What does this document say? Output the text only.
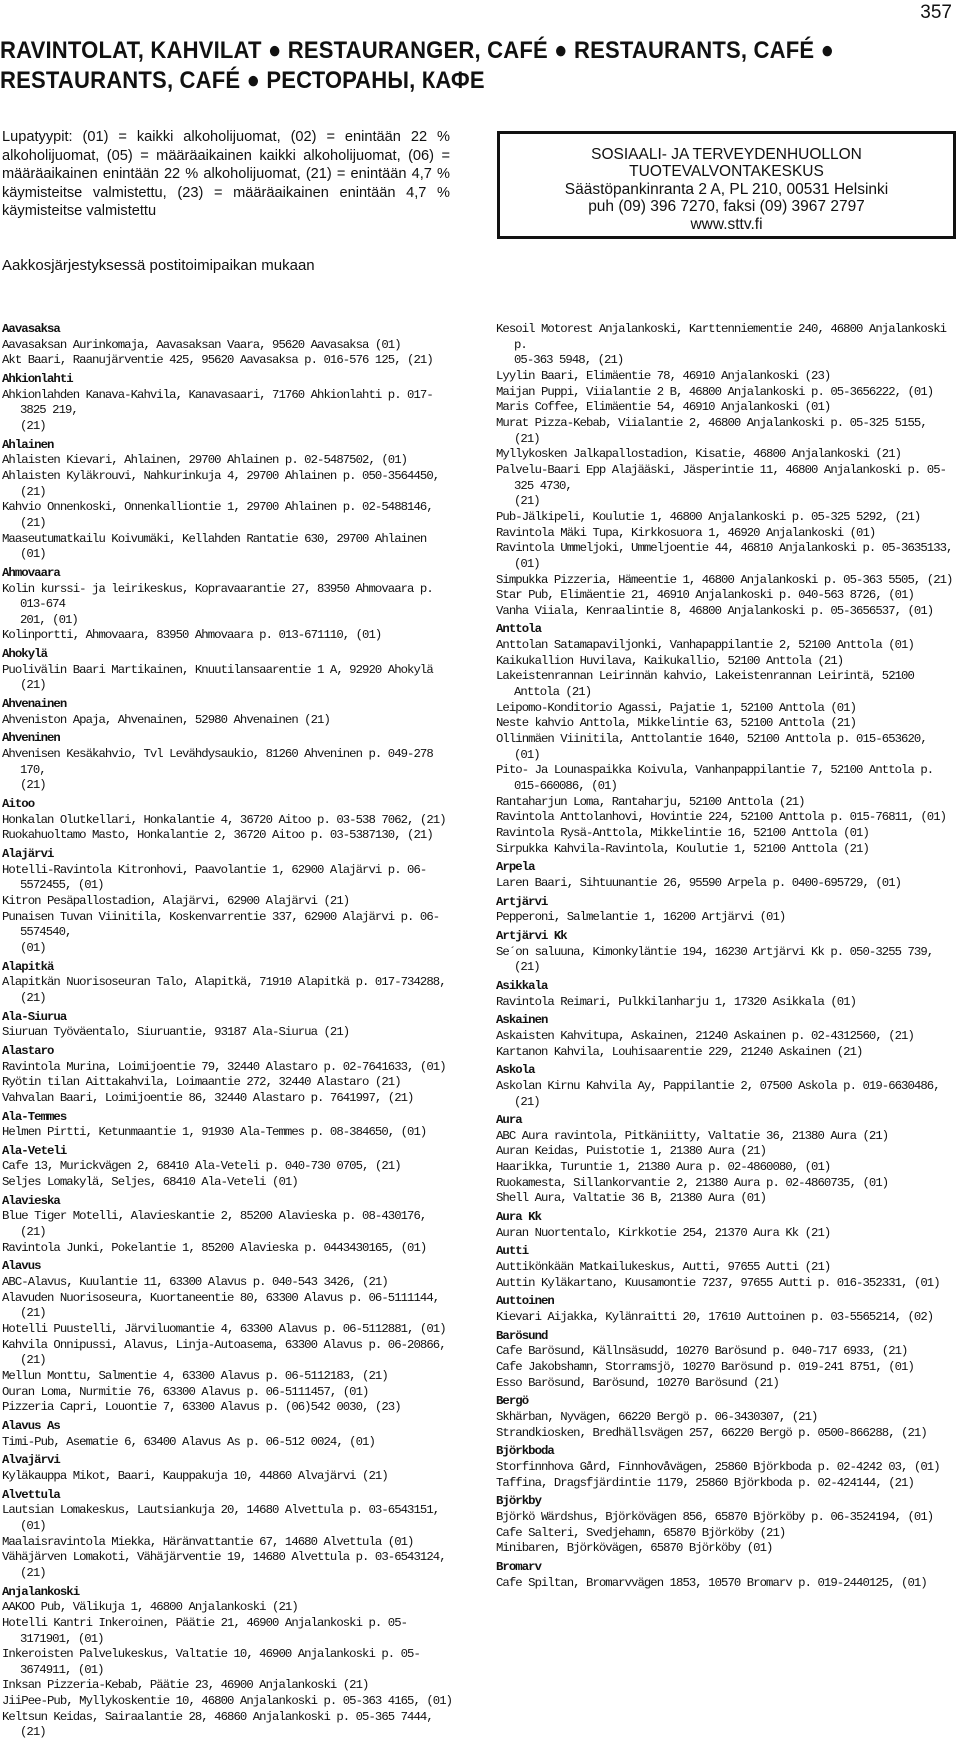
357
RAVINTOLAT, KAHVILAT ● RESTAURANGER, CAFÉ ● RESTAURANTS, CAFÉ ●
RESTAURANTS, CAFÉ ● РЕСТОРАНЫ, КАФЕ
Lupatyypit: (01) = kaikki alkoholijuomat, (02) = enintään 22 % alkoholijuomat, (05) = määräaikainen kaikki alkoholijuomat, (06) = määräaikainen enintään 22 % alkoholijuomat, (21) = enintään 4,7 % käymisteitse valmistettu, (23) = määräaikainen enintään 4,7 % käymisteitse valmistettu
SOSIAALI- JA TERVEYDENHUOLLON
TUOTEVALVONTAKESKUS
Säästöpankinranta 2 A, PL 210, 00531 Helsinki
puh (09) 396 7270, faksi (09) 3967 2797
www.sttv.fi
Aakkosjärjestyksessä postitoimipaikan mukaan
Aavasaksa
Aavasaksan Aurinkomaja, Aavasaksan Vaara, 95620 Aavasaksa (01)
Akt Baari, Raanujärventie 425, 95620 Aavasaksa p. 016-576 125, (21)
Ahkionlahti
Ahkionlahden Kanava-Kahvila, Kanavasaari, 71760 Ahkionlahti p. 017-3825 219,
(21)
Ahlainen
Ahlaisten Kievari, Ahlainen, 29700 Ahlainen p. 02-5487502, (01)
Ahlaisten Kyläkrouvi, Nahkurinkuja 4, 29700 Ahlainen p. 050-3564450, (21)
Kahvio Onnenkoski, Onnenkalliontie 1, 29700 Ahlainen p. 02-5488146, (21)
Maaseutumatkailu Koivumäki, Kellahden Rantatie 630, 29700 Ahlainen (01)
Ahmovaara
Kolin kurssi- ja leirikeskus, Kopravaarantie 27, 83950 Ahmovaara p. 013-674
201, (01)
Kolinportti, Ahmovaara, 83950 Ahmovaara p. 013-671110, (01)
Ahokylä
Puolivälin Baari Martikainen, Knuutilansaarentie 1 A, 92920 Ahokylä (21)
Ahvenainen
Ahveniston Apaja, Ahvenainen, 52980 Ahvenainen (21)
Ahveninen
Ahvenisen Kesäkahvio, Tvl Levähdysaukio, 81260 Ahveninen p. 049-278 170,
(21)
Aitoo
Honkalan Olutkellari, Honkalantie 4, 36720 Aitoo p. 03-538 7062, (21)
Ruokahuoltamo Masto, Honkalantie 2, 36720 Aitoo p. 03-5387130, (21)
Alajärvi
Hotelli-Ravintola Kitronhovi, Paavolantie 1, 62900 Alajärvi p. 06-5572455, (01)
Kitron Pesäpallostadion, Alajärvi, 62900 Alajärvi (21)
Punaisen Tuvan Viinitila, Koskenvarrentie 337, 62900 Alajärvi p. 06-5574540,
(01)
Alapitkä
Alapitkän Nuorisoseuran Talo, Alapitkä, 71910 Alapitkä p. 017-734288, (21)
Ala-Siurua
Siuruan Työväentalo, Siuruantie, 93187 Ala-Siurua (21)
Alastaro
Ravintola Murina, Loimijoentie 79, 32440 Alastaro p. 02-7641633, (01)
Ryötin tilan Aittakahvila, Loimaantie 272, 32440 Alastaro (21)
Vahvalan Baari, Loimijoentie 86, 32440 Alastaro p. 7641997, (21)
Ala-Temmes
Helmen Pirtti, Ketunmaantie 1, 91930 Ala-Temmes p. 08-384650, (01)
Ala-Veteli
Cafe 13, Murickvägen 2, 68410 Ala-Veteli p. 040-730 0705, (21)
Seljes Lomakylä, Seljes, 68410 Ala-Veteli (01)
Alavieska
Blue Tiger Motelli, Alavieskantie 2, 85200 Alavieska p. 08-430176, (21)
Ravintola Junki, Pokelantie 1, 85200 Alavieska p. 0443430165, (01)
Alavus
ABC-Alavus, Kuulantie 11, 63300 Alavus p. 040-543 3426, (21)
Alavuden Nuorisoseura, Kuortaneentie 80, 63300 Alavus p. 06-5111144, (21)
Hotelli Puustelli, Järviluomantie 4, 63300 Alavus p. 06-5112881, (01)
Kahvila Onnipussi, Alavus, Linja-Autoasema, 63300 Alavus p. 06-20866, (21)
Mellun Monttu, Salmentie 4, 63300 Alavus p. 06-5112183, (21)
Ouran Loma, Nurmitie 76, 63300 Alavus p. 06-5111457, (01)
Pizzeria Capri, Louontie 7, 63300 Alavus p. (06)542 0030, (23)
Alavus As
Timi-Pub, Asematie 6, 63400 Alavus As p. 06-512 0024, (01)
Alvajärvi
Kyläkauppa Mikot, Baari, Kauppakuja 10, 44860 Alvajärvi (21)
Alvettula
Lautsian Lomakeskus, Lautsiankuja 20, 14680 Alvettula p. 03-6543151, (01)
Maalaisravintola Miekka, Häränvattantie 67, 14680 Alvettula (01)
Vähäjärven Lomakoti, Vähäjärventie 19, 14680 Alvettula p. 03-6543124, (21)
Anjalankoski
AAKOO Pub, Välikuja 1, 46800 Anjalankoski (21)
Hotelli Kantri Inkeroinen, Päätie 21, 46900 Anjalankoski p. 05-3171901, (01)
Inkeroisten Palvelukeskus, Valtatie 10, 46900 Anjalankoski p. 05-3674911, (01)
Inksan Pizzeria-Kebab, Päätie 23, 46900 Anjalankoski (21)
JiiPee-Pub, Myllykoskentie 10, 46800 Anjalankoski p. 05-363 4165, (01)
Keltsun Keidas, Sairaalantie 28, 46860 Anjalankoski p. 05-365 7444, (21)
Kesoil Motorest Anjalankoski, Karttenniementie 240, 46800 Anjalankoski p.
05-363 5948, (21)
Lyylin Baari, Elimäentie 78, 46910 Anjalankoski (23)
Maijan Puppi, Viialantie 2 B, 46800 Anjalankoski p. 05-3656222, (01)
Maris Coffee, Elimäentie 54, 46910 Anjalankoski (01)
Murat Pizza-Kebab, Viialantie 2, 46800 Anjalankoski p. 05-325 5155, (21)
Myllykosken Jalkapallostadion, Kisatie, 46800 Anjalankoski (21)
Palvelu-Baari Epp Alajääski, Jäsperintie 11, 46800 Anjalankoski p. 05-325 4730,
(21)
Pub-Jälkipeli, Koulutie 1, 46800 Anjalankoski p. 05-325 5292, (21)
Ravintola Mäki Tupa, Kirkkosuora 1, 46920 Anjalankoski (01)
Ravintola Ummeljoki, Ummeljoentie 44, 46810 Anjalankoski p. 05-3635133, (01)
Simpukka Pizzeria, Hämeentie 1, 46800 Anjalankoski p. 05-363 5505, (21)
Star Pub, Elimäentie 21, 46910 Anjalankoski p. 040-563 8726, (01)
Vanha Viiala, Kenraalintie 8, 46800 Anjalankoski p. 05-3656537, (01)
Anttola
Anttolan Satamapaviljonki, Vanhapappilantie 2, 52100 Anttola (01)
Kaikukallion Huvilava, Kaikukallio, 52100 Anttola (21)
Lakeistenrannan Leirinnän kahvio, Lakeistenrannan Leirintä, 52100 Anttola (21)
Leipomo-Konditorio Agassi, Pajatie 1, 52100 Anttola (01)
Neste kahvio Anttola, Mikkelintie 63, 52100 Anttola (21)
Ollinmäen Viinitila, Anttolantie 1640, 52100 Anttola p. 015-653620, (01)
Pito- Ja Lounaspaikka Koivula, Vanhanpappilantie 7, 52100 Anttola p.
015-660086, (01)
Rantaharjun Loma, Rantaharju, 52100 Anttola (21)
Ravintola Anttolanhovi, Hovintie 224, 52100 Anttola p. 015-76811, (01)
Ravintola Rysä-Anttola, Mikkelintie 16, 52100 Anttola (01)
Sirpukka Kahvila-Ravintola, Koulutie 1, 52100 Anttola (21)
Arpela
Laren Baari, Sihtuunantie 26, 95590 Arpela p. 0400-695729, (01)
Artjärvi
Pepperoni, Salmelantie 1, 16200 Artjärvi (01)
Artjärvi Kk
Se´on saluuna, Kimonkyläntie 194, 16230 Artjärvi Kk p. 050-3255 739, (21)
Asikkala
Ravintola Reimari, Pulkkilanharju 1, 17320 Asikkala (01)
Askainen
Askaisten Kahvitupa, Askainen, 21240 Askainen p. 02-4312560, (21)
Kartanon Kahvila, Louhisaarentie 229, 21240 Askainen (21)
Askola
Askolan Kirnu Kahvila Ay, Pappilantie 2, 07500 Askola p. 019-6630486, (21)
Aura
ABC Aura ravintola, Pitkäniitty, Valtatie 36, 21380 Aura (21)
Auran Keidas, Puistotie 1, 21380 Aura (21)
Haarikka, Turuntie 1, 21380 Aura p. 02-4860080, (01)
Ruokamesta, Sillankorvantie 2, 21380 Aura p. 02-4860735, (01)
Shell Aura, Valtatie 36 B, 21380 Aura (01)
Aura Kk
Auran Nuortentalo, Kirkkotie 254, 21370 Aura Kk (21)
Autti
Auttikönkään Matkailukeskus, Autti, 97655 Autti (21)
Auttin Kyläkartano, Kuusamontie 7237, 97655 Autti p. 016-352331, (01)
Auttoinen
Kievari Aijakka, Kylänraitti 20, 17610 Auttoinen p. 03-5565214, (02)
Barösund
Cafe Barösund, Källnsäsudd, 10270 Barösund p. 040-717 6933, (21)
Cafe Jakobshamn, Storramsjö, 10270 Barösund p. 019-241 8751, (01)
Esso Barösund, Barösund, 10270 Barösund (21)
Bergö
Skhärban, Nyvägen, 66220 Bergö p. 06-3430307, (21)
Strandkiosken, Bredhällsvägen 257, 66220 Bergö p. 0500-866288, (21)
Björkboda
Storfinnhova Gård, Finnhovåvägen, 25860 Björkboda p. 02-4242 03, (01)
Taffina, Dragsfjärdintie 1179, 25860 Björkboda p. 02-424144, (21)
Björkby
Björkö Wärdshus, Björkövägen 856, 65870 Björköby p. 06-3524194, (01)
Cafe Salteri, Svedjehamn, 65870 Björköby (21)
Minibaren, Björkövägen, 65870 Björköby (01)
Bromarv
Cafe Spiltan, Bromarvvägen 1853, 10570 Bromarv p. 019-2440125, (01)
